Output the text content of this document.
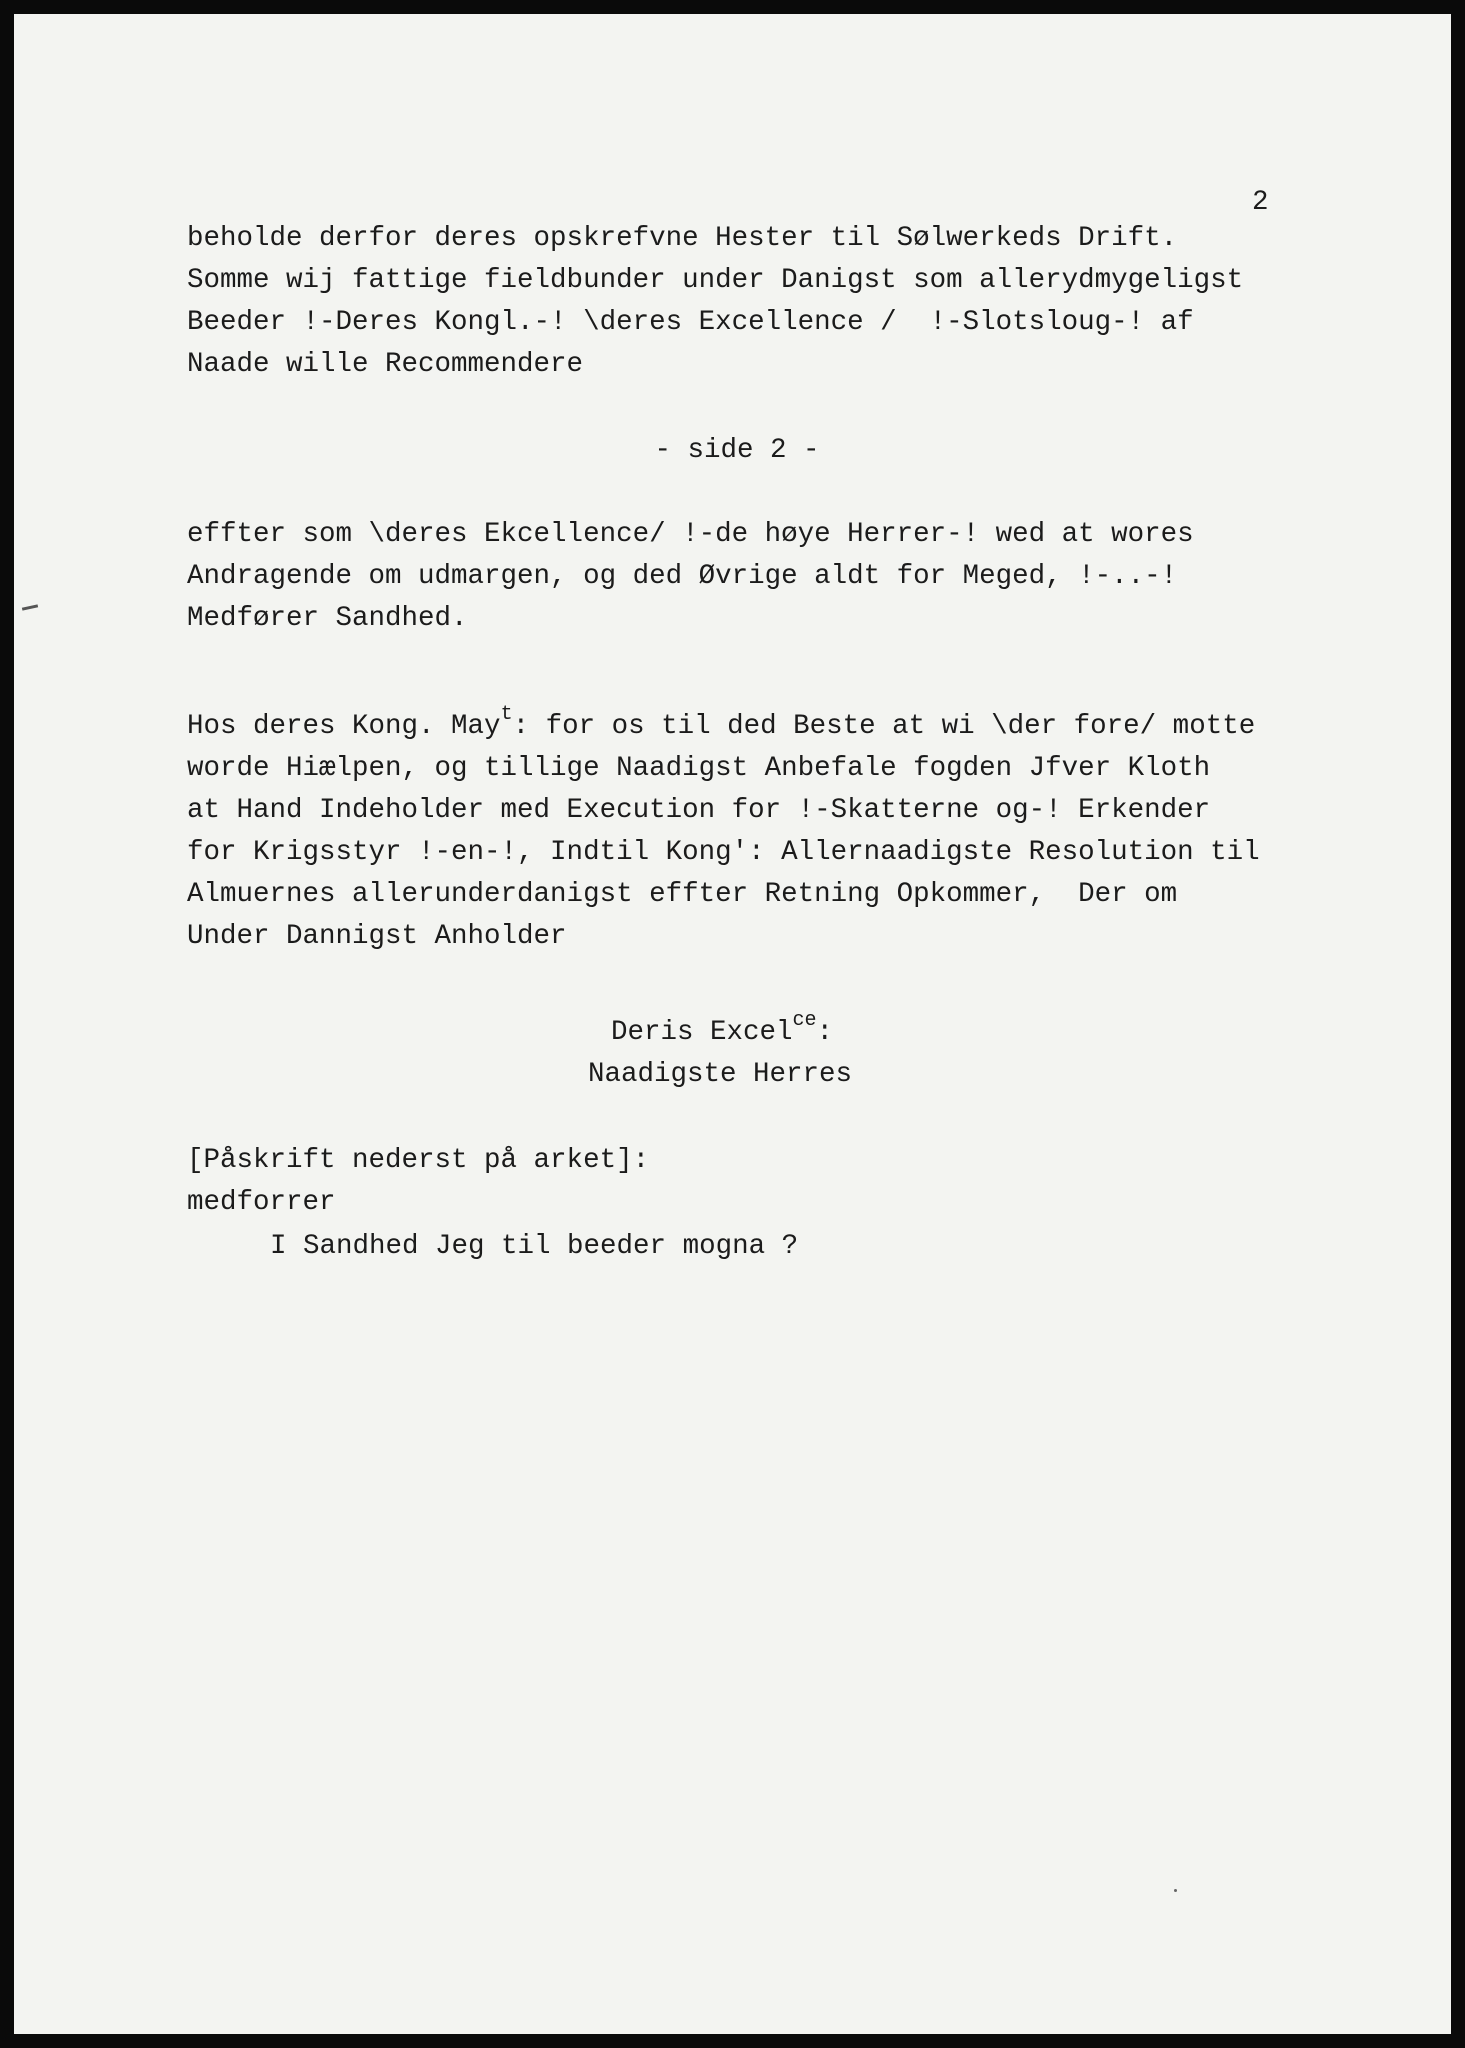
2
beholde derfor deres opskrefvne Hester til Sølwerkeds Drift.
Somme wij fattige fieldbunder under Danigst som allerydmygeligst
Beeder !-Deres Kongl.-! \deres Excellence /  !-Slotsloug-! af
Naade wille Recommendere
- side 2 -
effter som \deres Ekcellence/ !-de høye Herrer-! wed at wores
Andragende om udmargen, og ded Øvrige aldt for Meged, !-..-!
Medfører Sandhed.
Hos deres Kong. May$^t$: for os til ded Beste at wi \der fore/ motte
worde Hiælpen, og tillige Naadigst Anbefale fogden Jfver Kloth
at Hand Indeholder med Execution for !-Skatterne og-! Erkender
for Krigsstyr !-en-!, Indtil Kong': Allernaadigste Resolution til
Almuernes allerunderdanigst effter Retning Opkommer,  Der om
Under Dannigst Anholder
Deris Excel$^{ce}$:
Naadigste Herres
[Påskrift nederst på arket]:
medforrer
I Sandhed Jeg til beeder mogna ?
